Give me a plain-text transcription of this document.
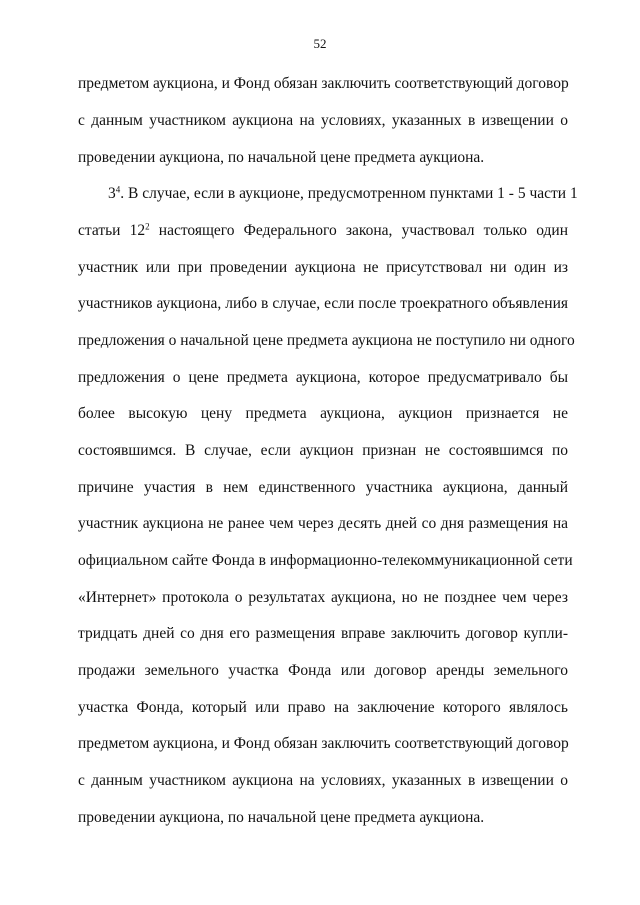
52
предметом аукциона, и Фонд обязан заключить соответствующий договор
с данным участником аукциона на условиях, указанных в извещении о
проведении аукциона, по начальной цене предмета аукциона.
$3^4$. В случае, если в аукционе, предусмотренном пунктами 1 - 5 части 1
статьи $12^2$ настоящего Федерального закона, участвовал только один
участник или при проведении аукциона не присутствовал ни один из
участников аукциона, либо в случае, если после троекратного объявления
предложения о начальной цене предмета аукциона не поступило ни одного
предложения о цене предмета аукциона, которое предусматривало бы
более высокую цену предмета аукциона, аукцион признается не
состоявшимся. В случае, если аукцион признан не состоявшимся по
причине участия в нем единственного участника аукциона, данный
участник аукциона не ранее чем через десять дней со дня размещения на
официальном сайте Фонда в информационно-телекоммуникационной сети
«Интернет» протокола о результатах аукциона, но не позднее чем через
тридцать дней со дня его размещения вправе заключить договор купли-
продажи земельного участка Фонда или договор аренды земельного
участка Фонда, который или право на заключение которого являлось
предметом аукциона, и Фонд обязан заключить соответствующий договор
с данным участником аукциона на условиях, указанных в извещении о
проведении аукциона, по начальной цене предмета аукциона.
